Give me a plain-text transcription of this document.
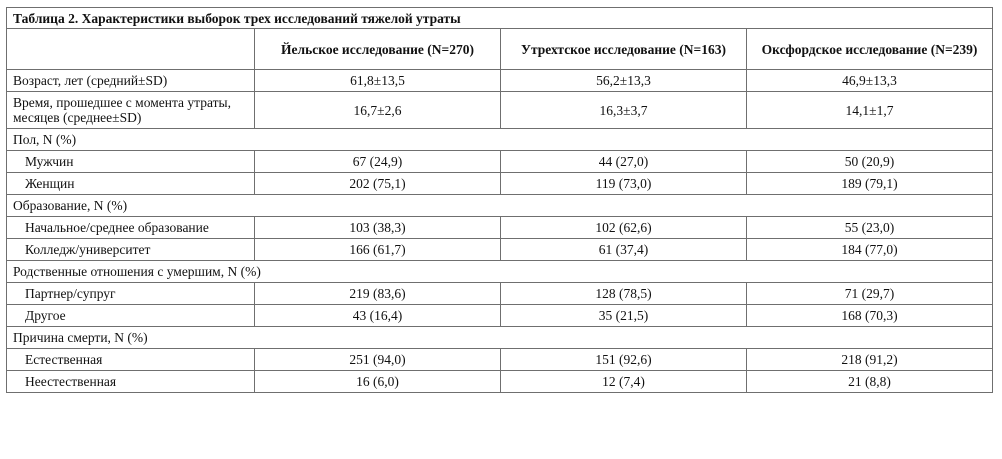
Таблица 2. Характеристики выборок трех исследований тяжелой утраты			
	Йельское исследование (N=270)	Утрехтское исследование (N=163)	Оксфордское исследование (N=239)
Возраст, лет (средний±SD)	61,8±13,5	56,2±13,3	46,9±13,3
Время, прошедшее с момента утраты, месяцев (среднее±SD)	16,7±2,6	16,3±3,7	14,1±1,7
Пол, N (%)			
Мужчин	67 (24,9)	44 (27,0)	50 (20,9)
Женщин	202 (75,1)	119 (73,0)	189 (79,1)
Образование, N (%)			
Начальное/среднее образование	103 (38,3)	102 (62,6)	55 (23,0)
Колледж/университет	166 (61,7)	61 (37,4)	184 (77,0)
Родственные отношения с умершим, N (%)			
Партнер/супруг	219 (83,6)	128 (78,5)	71 (29,7)
Другое	43 (16,4)	35 (21,5)	168 (70,3)
Причина смерти, N (%)			
Естественная	251 (94,0)	151 (92,6)	218 (91,2)
Неестественная	16 (6,0)	12 (7,4)	21 (8,8)
